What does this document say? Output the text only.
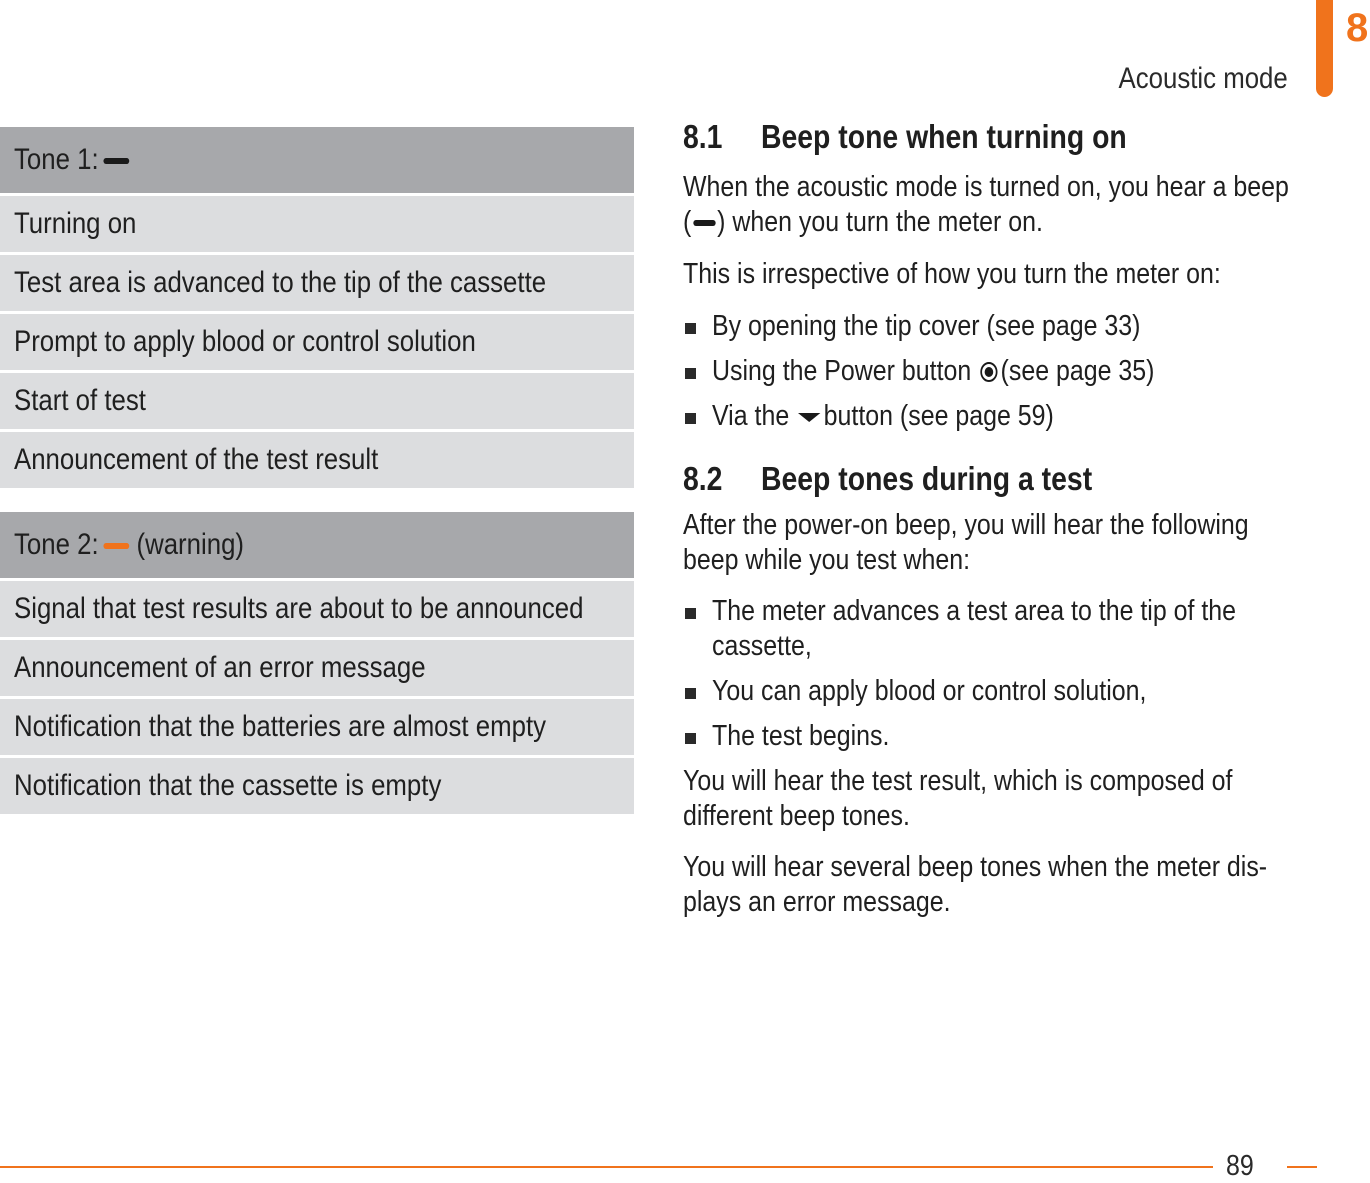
Acoustic mode
8
Tone 1:
Turning on
Test area is advanced to the tip of the cassette
Prompt to apply blood or control solution
Start of test
Announcement of the test result
Tone 2: (warning)
Signal that test results are about to be announced
Announcement of an error message
Notification that the batteries are almost empty
Notification that the cassette is empty
8.1 Beep tone when turning on

When the acoustic mode is turned on, you hear a beep
( ) when you turn the meter on.

This is irrespective of how you turn the meter on:

By opening the tip cover (see page 33)
Using the Power button (see page 35)
Via the button (see page 59)
8.2 Beep tones during a test

After the power-on beep, you will hear the following
beep while you test when:

The meter advances a test area to the tip of the
cassette,
You can apply blood or control solution,
The test begins.

You will hear the test result, which is composed of
different beep tones.

You will hear several beep tones when the meter dis-
plays an error message.

89
